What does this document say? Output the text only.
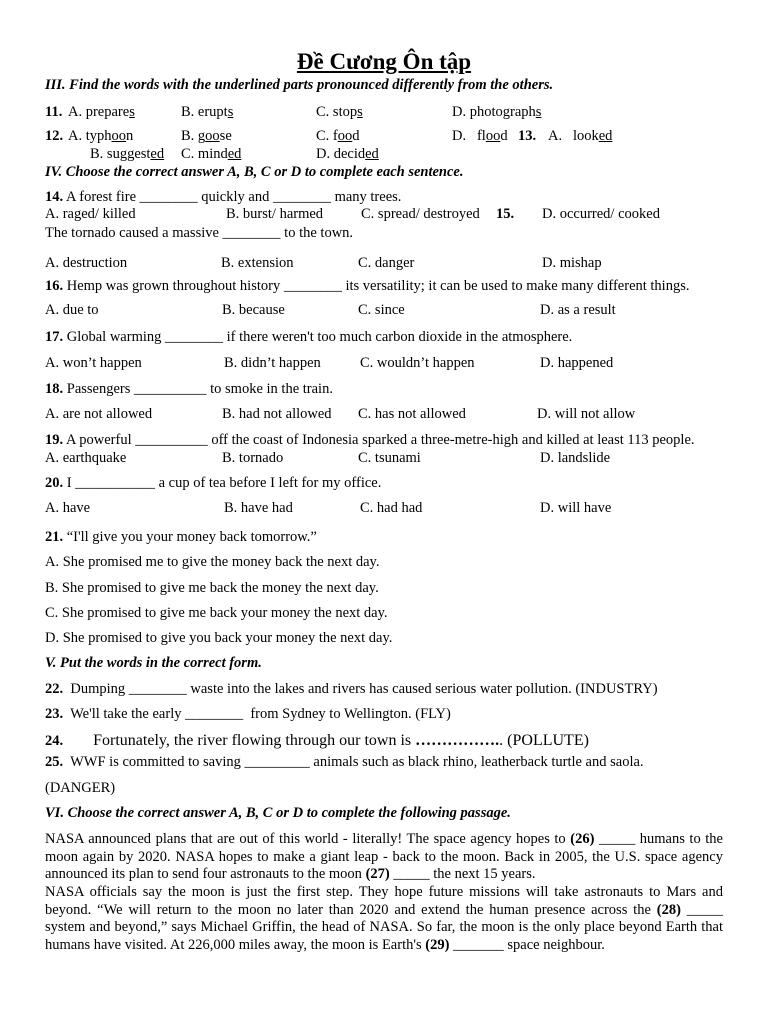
Đề Cương Ôn tập
III. Find the words with the underlined parts pronounced differently from the others.
11. A. prepares	B. erupts	C. stops	D. photographs
12. A. typhoon	B. goose	C. food	D.   flood 13. A.   looked
B. suggested C. minded	D. decided
IV. Choose the correct answer A, B, C or D to complete each sentence.
14. A forest fire ________ quickly and ________ many trees.
A. raged/ killed	B. burst/ harmed	C. spread/ destroyed 15. D. occurred/ cooked
The tornado caused a massive ________ to the town.
A. destruction	B. extension	C. danger	D. mishap
16. Hemp was grown throughout history ________ its versatility; it can be used to make many different things.
A. due to	B. because	C. since	D. as a result
17. Global warming ________ if there weren't too much carbon dioxide in the atmosphere.
A. won’t happen	B. didn’t happen	C. wouldn’t happen	D. happened
18. Passengers __________ to smoke in the train.
A. are not allowed	B. had not allowed C. has not allowed	D. will not allow
19. A powerful __________ off the coast of Indonesia sparked a three-metre-high and killed at least 113 people.
A. earthquake	B. tornado	C. tsunami	D. landslide
20. I ___________ a cup of tea before I left for my office.
A. have	B. have had	C. had had	D. will have
21. “I'll give you your money back tomorrow.”
A. She promised me to give the money back the next day.
B. She promised to give me back the money the next day.
C. She promised to give me back your money the next day.
D. She promised to give you back your money the next day.
V. Put the words in the correct form.
22. Dumping ________ waste into the lakes and rivers has caused serious water pollution. (INDUSTRY)
23. We'll take the early ________  from Sydney to Wellington. (FLY)
24. Fortunately, the river flowing through our town is …………….. (POLLUTE)
25. WWF is committed to saving _________ animals such as black rhino, leatherback turtle and saola.
(DANGER)
VI. Choose the correct answer A, B, C or D to complete the following passage.
NASA announced plans that are out of this world - literally! The space agency hopes to (26) _____ humans to the moon again by 2020. NASA hopes to make a giant leap - back to the moon. Back in 2005, the U.S. space agency announced its plan to send four astronauts to the moon (27) _____ the next 15 years.
NASA officials say the moon is just the first step. They hope future missions will take astronauts to Mars and beyond. “We will return to the moon no later than 2020 and extend the human presence across the (28) _____ system and beyond,” says Michael Griffin, the head of NASA. So far, the moon is the only place beyond Earth that humans have visited. At 226,000 miles away, the moon is Earth's (29) _______ space neighbour.
